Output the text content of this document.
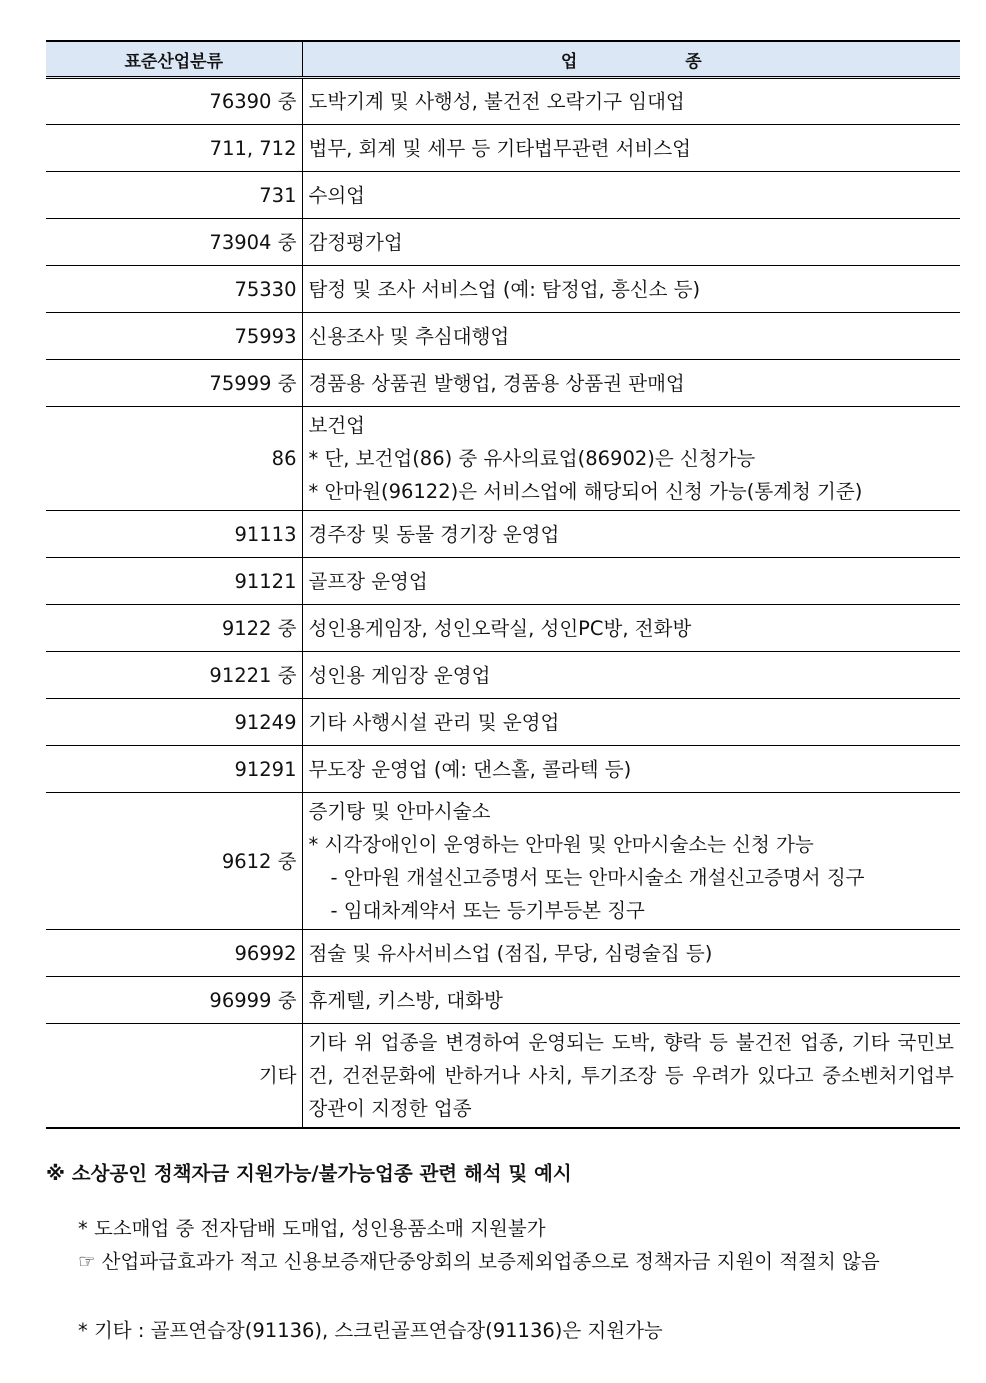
표준산업분류	업 종
76390 중	도박기계 및 사행성, 불건전 오락기구 임대업

711, 712	법무, 회계 및 세무 등 기타법무관련 서비스업

731	수의업

73904 중	감정평가업

75330	탐정 및 조사 서비스업 (예: 탐정업, 흥신소 등)

75993	신용조사 및 추심대행업

75999 중	경품용 상품권 발행업, 경품용 상품권 판매업

86	보건업
* 단, 보건업(86) 중 유사의료업(86902)은 신청가능
* 안마원(96122)은 서비스업에 해당되어 신청 가능(통계청 기준)

91113	경주장 및 동물 경기장 운영업

91121	골프장 운영업

9122 중	성인용게임장, 성인오락실, 성인PC방, 전화방

91221 중	성인용 게임장 운영업

91249	기타 사행시설 관리 및 운영업

91291	무도장 운영업 (예: 댄스홀, 콜라텍 등)

9612 중	증기탕 및 안마시술소
* 시각장애인이 운영하는 안마원 및 안마시술소는 신청 가능
- 안마원 개설신고증명서 또는 안마시술소 개설신고증명서 징구
- 임대차계약서 또는 등기부등본 징구

96992	점술 및 유사서비스업 (점집, 무당, 심령술집 등)

96999 중	휴게텔, 키스방, 대화방

기타	기타 위 업종을 변경하여 운영되는 도박, 향락 등 불건전 업종, 기타 국민보건, 건전문화에 반하거나 사치, 투기조장 등 우려가 있다고 중소벤처기업부 장관이 지정한 업종

※ 소상공인 정책자금 지원가능/불가능업종 관련 해석 및 예시

* 도소매업 중 전자담배 도매업, 성인용품소매 지원불가
☞ 산업파급효과가 적고 신용보증재단중앙회의 보증제외업종으로 정책자금 지원이 적절치 않음
* 기타 : 골프연습장(91136), 스크린골프연습장(91136)은 지원가능
